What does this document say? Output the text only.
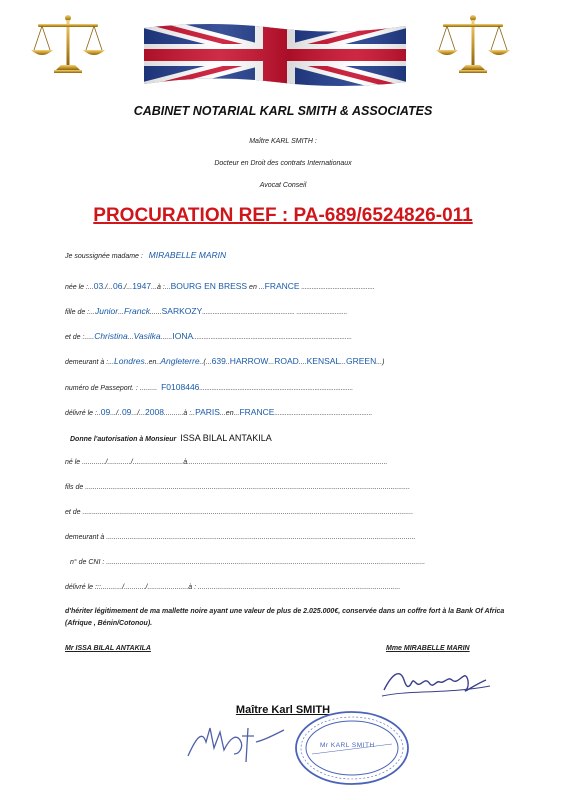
CABINET NOTARIAL KARL SMITH & ASSOCIATES
Maître KARL SMITH :
Docteur en Droit des contrats Internationaux
Avocat Conseil
PROCURATION REF : PA-689/6524826-011
Je soussignée madame : MIRABELLE MARIN
née le :...03./...06./...1947...à :...BOURG EN BRESS en ...FRANCE ..........................................
fille de :...Junior...Franck......SARKOZY..................................................... .............................
et de :.....Christina...Vasilka......IONA...........................................................................................
demeurant à :...Londres..en..Angleterre..(...639..HARROW...ROAD....KENSAL...GREEN...)
numéro de Passeport. : ......... F0108446........................................................................................
délivré le :..09.../..09.../...2008..........à :..PARIS...en...FRANCE........................................................
Donne l'autorisation à Monsieur ISSA BILAL ANTAKILA
né le ............/............/..........................à.......................................................................................................
fils de .......................................................................................................................................................................
et de ..........................................................................................................................................................................
demeurant à ...............................................................................................................................................................
n° de CNI : ....................................................................................................................................................................
délivré le :::.........../.........../.....................à : ........................................................................................................
d'hériter légitimement de ma mallette noire ayant une valeur de plus de 2.025.000€, conservée dans un coffre fort à la Bank Of Africa (Afrique , Bénin/Cotonou).
Mr ISSA BILAL ANTAKILA	Mme MIRABELLE MARIN
Maître Karl SMITH
Mr KARL SMITH
